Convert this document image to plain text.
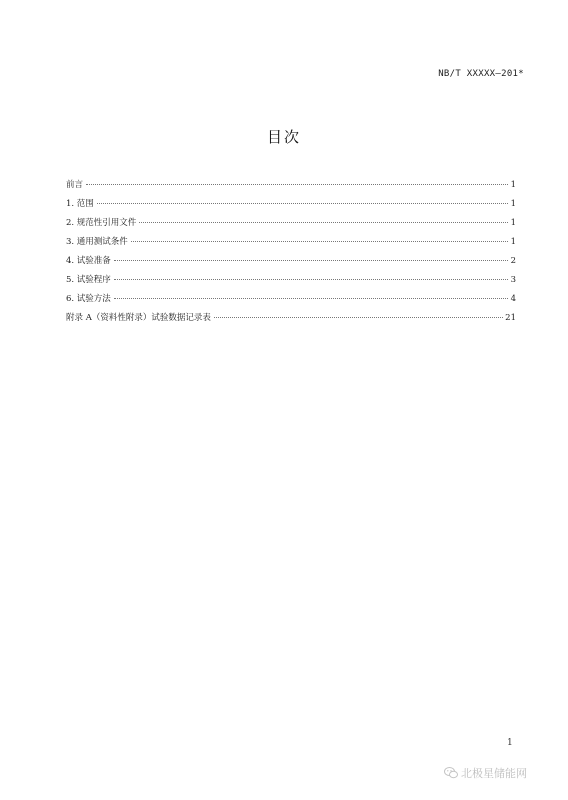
NB/T XXXXX—201*
目次
前言	1
1. 范围	1
2. 规范性引用文件	1
3. 通用测试条件	1
4. 试验准备	2
5. 试验程序	3
6. 试验方法	4
附录 A（资料性附录）试验数据记录表	21
1
北极星储能网
